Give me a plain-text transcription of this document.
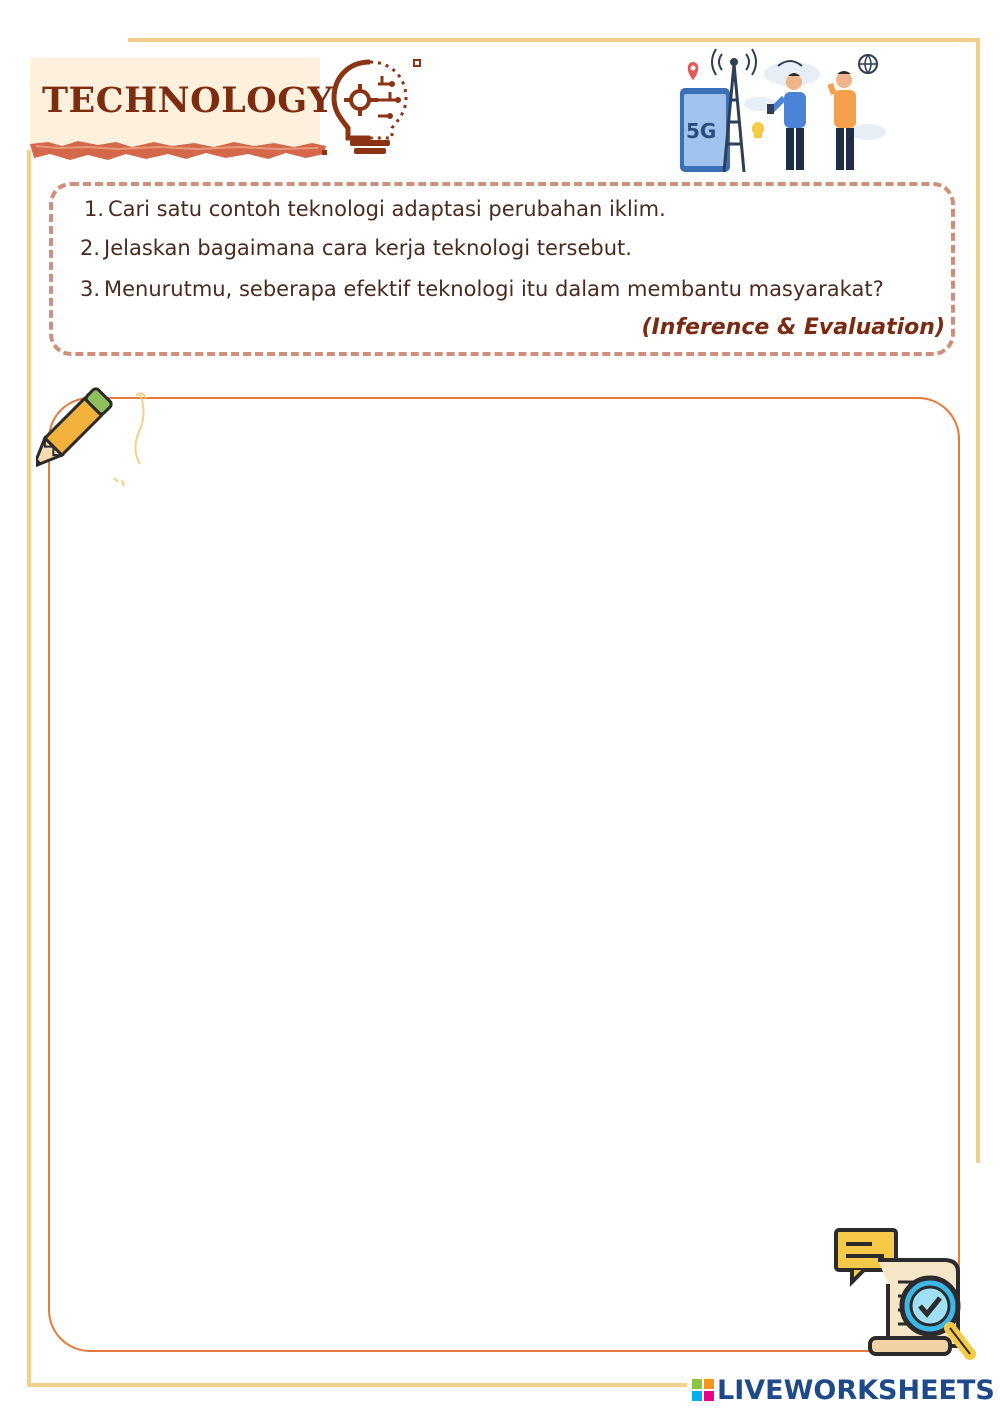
TECHNOLOGY
5G
1. Cari satu contoh teknologi adaptasi perubahan iklim.
2. Jelaskan bagaimana cara kerja teknologi tersebut.
3. Menurutmu, seberapa efektif teknologi itu dalam membantu masyarakat?
(Inference & Evaluation)
LIVEWORKSHEETS
